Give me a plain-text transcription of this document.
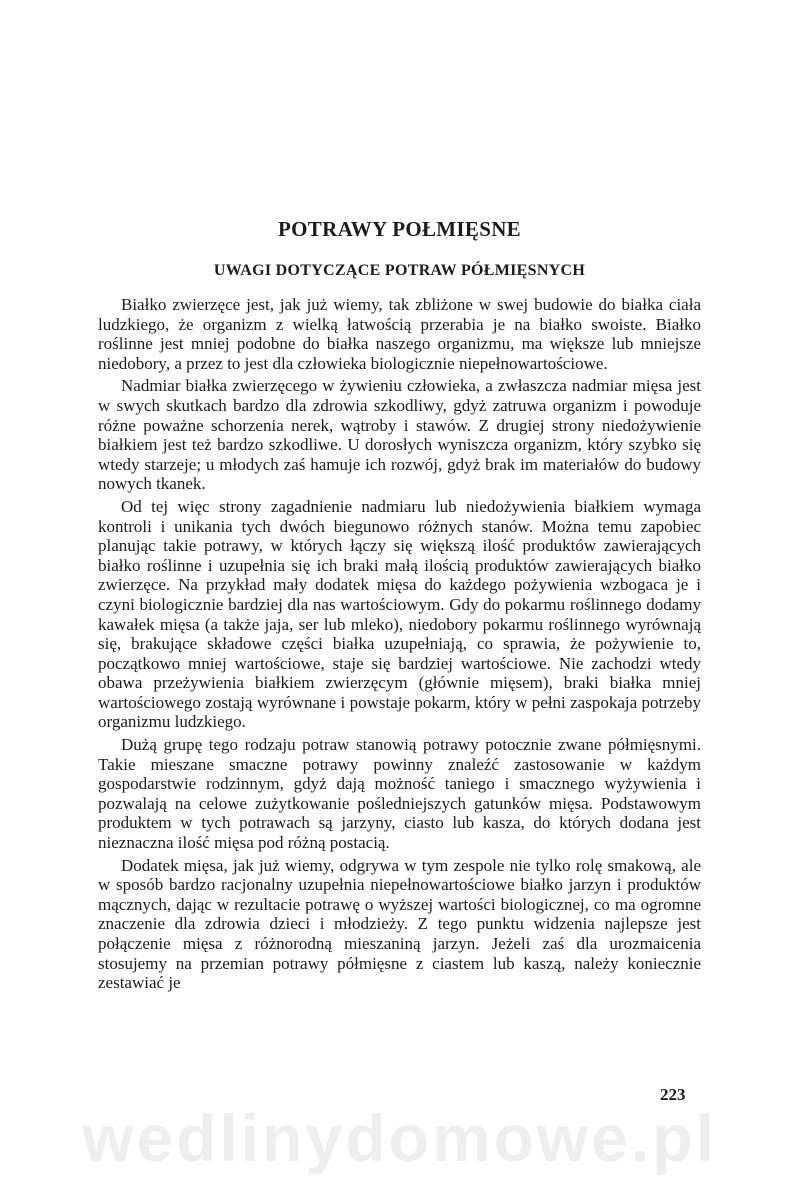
POTRAWY POŁMIĘSNE
UWAGI DOTYCZĄCE POTRAW PÓŁMIĘSNYCH

Białko zwierzęce jest, jak już wiemy, tak zbliżone w swej budowie do białka ciała ludzkiego, że organizm z wielką łatwością przerabia je na białko swoiste. Białko roślinne jest mniej podobne do białka naszego organizmu, ma większe lub mniejsze niedobory, a przez to jest dla człowieka biologicznie niepełnowartościowe.

Nadmiar białka zwierzęcego w żywieniu człowieka, a zwłaszcza nadmiar mięsa jest w swych skutkach bardzo dla zdrowia szkodliwy, gdyż zatruwa organizm i powoduje różne poważne schorzenia nerek, wątroby i stawów. Z drugiej strony niedożywienie białkiem jest też bardzo szkodliwe. U dorosłych wyniszcza organizm, który szybko się wtedy starzeje; u młodych zaś hamuje ich rozwój, gdyż brak im materiałów do budowy nowych tkanek.

Od tej więc strony zagadnienie nadmiaru lub niedożywienia białkiem wymaga kontroli i unikania tych dwóch biegunowo różnych stanów. Można temu zapobiec planując takie potrawy, w których łączy się większą ilość produktów zawierających białko roślinne i uzupełnia się ich braki małą ilością produktów zawierających białko zwierzęce. Na przykład mały dodatek mięsa do każdego pożywienia wzbogaca je i czyni biologicznie bardziej dla nas wartościowym. Gdy do pokarmu roślinnego dodamy kawałek mięsa (a także jaja, ser lub mleko), niedobory pokarmu roślinnego wyrównają się, brakujące składowe części białka uzupełniają, co sprawia, że pożywienie to, początkowo mniej wartościowe, staje się bardziej wartościowe. Nie zachodzi wtedy obawa przeżywienia białkiem zwierzęcym (głównie mięsem), braki białka mniej wartościowego zostają wyrównane i powstaje pokarm, który w pełni zaspokaja potrzeby organizmu ludzkiego.

Dużą grupę tego rodzaju potraw stanowią potrawy potocznie zwane półmięsnymi. Takie mieszane smaczne potrawy powinny znaleźć zastosowanie w każdym gospodarstwie rodzinnym, gdyż dają możność taniego i smacznego wyżywienia i pozwalają na celowe zużytkowanie pośledniejszych gatunków mięsa. Podstawowym produktem w tych potrawach są jarzyny, ciasto lub kasza, do których dodana jest nieznaczna ilość mięsa pod różną postacią.

Dodatek mięsa, jak już wiemy, odgrywa w tym zespole nie tylko rolę smakową, ale w sposób bardzo racjonalny uzupełnia niepełnowartościowe białko jarzyn i produktów mącznych, dając w rezultacie potrawę o wyższej wartości biologicznej, co ma ogromne znaczenie dla zdrowia dzieci i młodzieży. Z tego punktu widzenia najlepsze jest połączenie mięsa z różnorodną mieszaniną jarzyn. Jeżeli zaś dla urozmaicenia stosujemy na przemian potrawy półmięsne z ciastem lub kaszą, należy koniecznie zestawiać je

223

wedlinydomowe.pl
